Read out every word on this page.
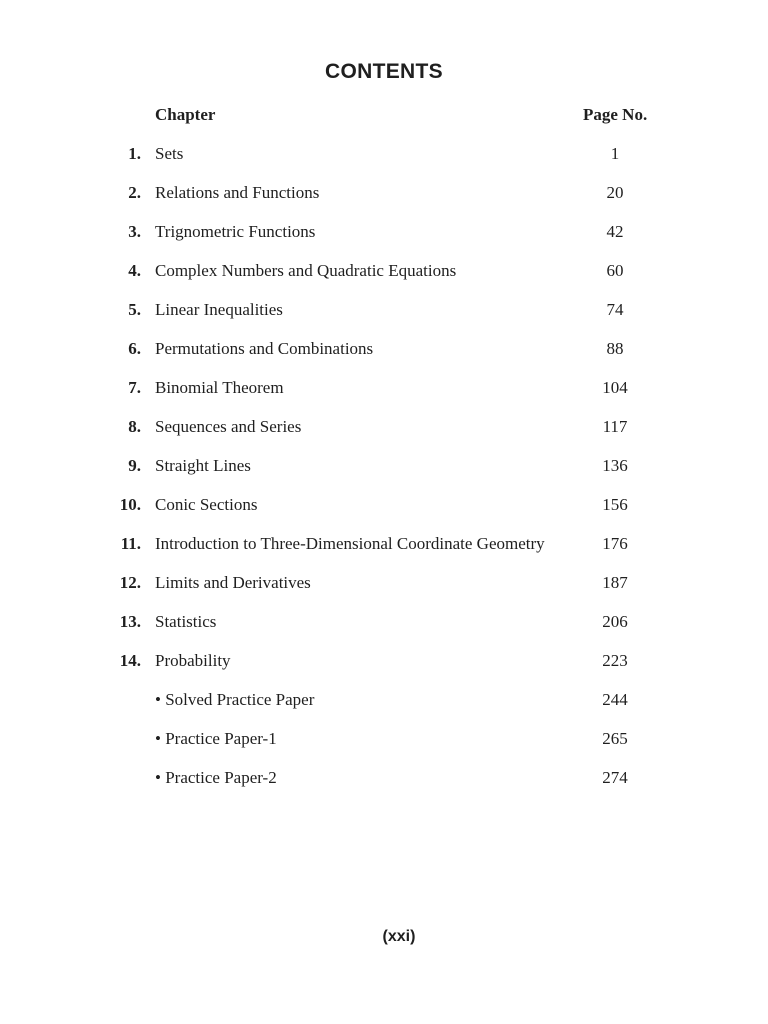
CONTENTS
Chapter	Page No.
1. Sets	1
2. Relations and Functions	20
3. Trignometric Functions	42
4. Complex Numbers and Quadratic Equations	60
5. Linear Inequalities	74
6. Permutations and Combinations	88
7. Binomial Theorem	104
8. Sequences and Series	117
9. Straight Lines	136
10. Conic Sections	156
11. Introduction to Three-Dimensional Coordinate Geometry	176
12. Limits and Derivatives	187
13. Statistics	206
14. Probability	223
• Solved Practice Paper	244
• Practice Paper-1	265
• Practice Paper-2	274
(xxi)
